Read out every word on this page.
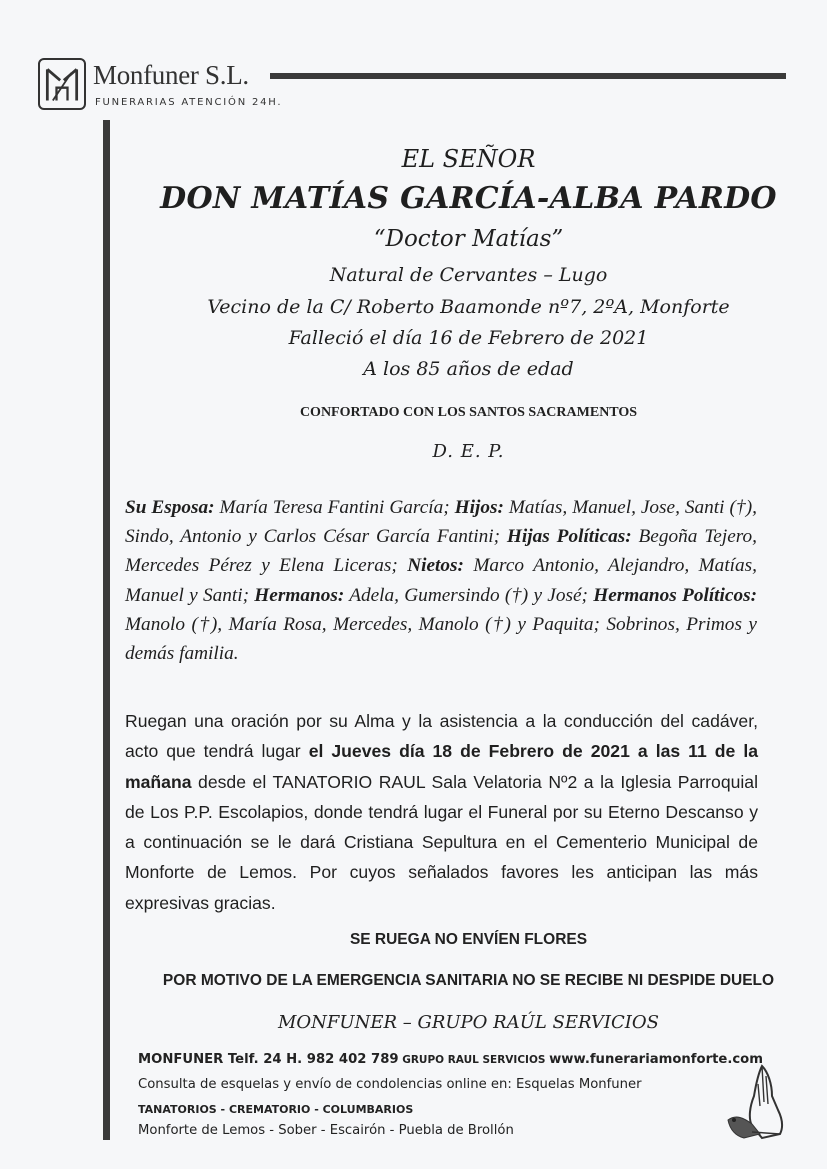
Monfuner S.L.
FUNERARIAS ATENCIÓN 24H.
EL SEÑOR
DON MATÍAS GARCÍA-ALBA PARDO
“Doctor Matías”
Natural de Cervantes – Lugo
Vecino de la C/ Roberto Baamonde nº7, 2ºA, Monforte
Falleció el día 16 de Febrero de 2021
A los 85 años de edad
CONFORTADO CON LOS SANTOS SACRAMENTOS
D. E. P.
Su Esposa: María Teresa Fantini García; Hijos: Matías, Manuel, Jose, Santi (†), Sindo, Antonio y Carlos César García Fantini; Hijas Políticas: Begoña Tejero, Mercedes Pérez y Elena Liceras; Nietos: Marco Antonio, Alejandro, Matías, Manuel y Santi; Hermanos: Adela, Gumersindo (†) y José; Hermanos Políticos: Manolo (†), María Rosa, Mercedes, Manolo (†) y Paquita; Sobrinos, Primos y demás familia.
Ruegan una oración por su Alma y la asistencia a la conducción del cadáver, acto que tendrá lugar el Jueves día 18 de Febrero de 2021 a las 11 de la mañana desde el TANATORIO RAUL Sala Velatoria Nº2 a la Iglesia Parroquial de Los P.P. Escolapios, donde tendrá lugar el Funeral por su Eterno Descanso y a continuación se le dará Cristiana Sepultura en el Cementerio Municipal de Monforte de Lemos. Por cuyos señalados favores les anticipan las más expresivas gracias.
SE RUEGA NO ENVÍEN FLORES
POR MOTIVO DE LA EMERGENCIA SANITARIA NO SE RECIBE NI DESPIDE DUELO
MONFUNER – GRUPO RAÚL SERVICIOS
MONFUNER Telf. 24 H. 982 402 789 GRUPO RAUL SERVICIOS www.funerariamonforte.com
Consulta de esquelas y envío de condolencias online en: Esquelas Monfuner
TANATORIOS - CREMATORIO - COLUMBARIOS
Monforte de Lemos - Sober - Escairón - Puebla de Brollón
